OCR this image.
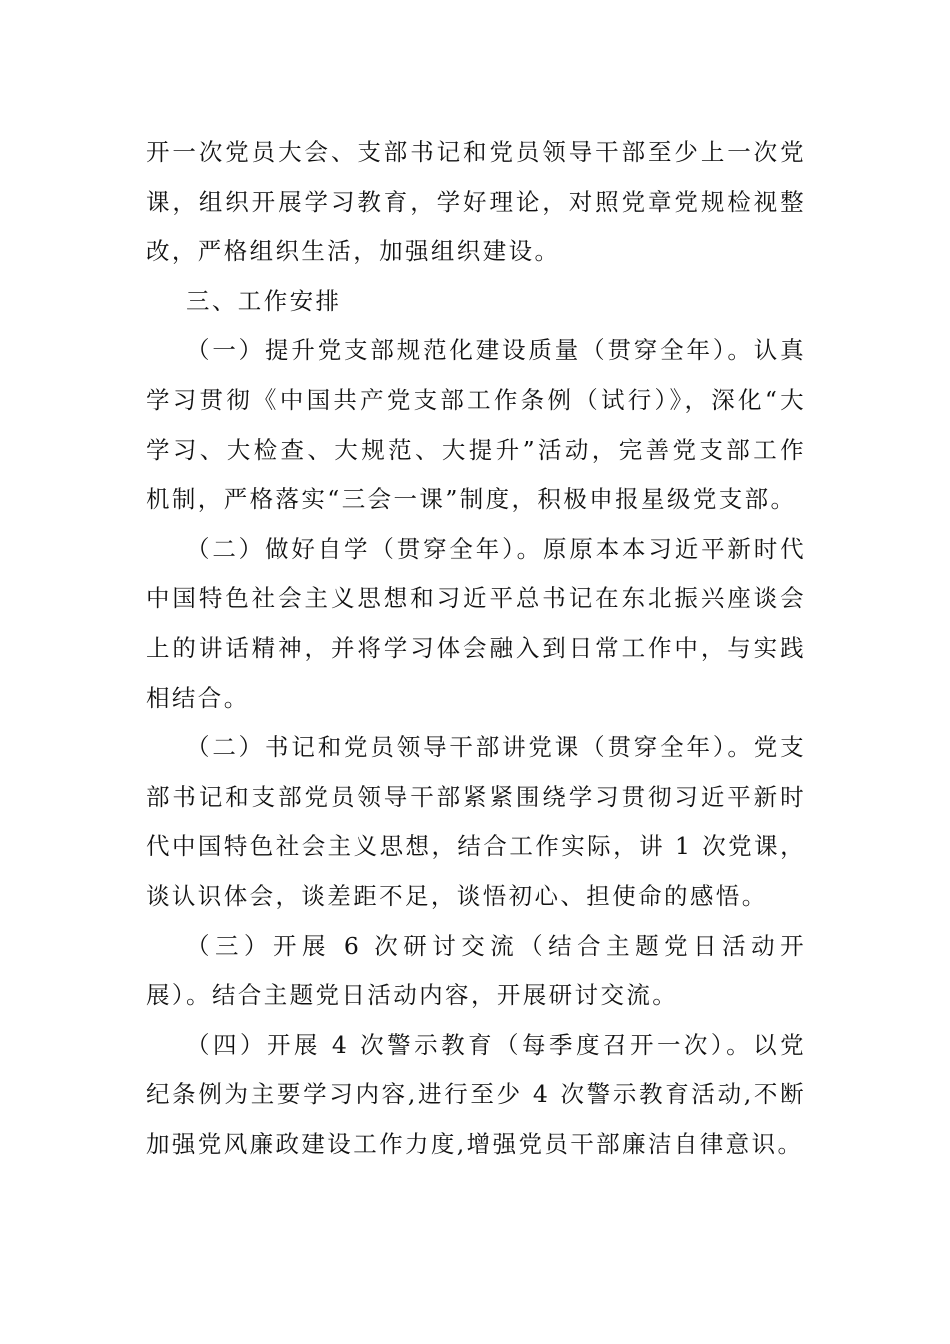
开一次党员大会、支部书记和党员领导干部至少上一次党课，组织开展学习教育，学好理论，对照党章党规检视整改，严格组织生活，加强组织建设。

三、工作安排

（一）提升党支部规范化建设质量（贯穿全年）。认真学习贯彻《中国共产党支部工作条例（试行）》，深化“大学习、大检查、大规范、大提升”活动，完善党支部工作机制，严格落实“三会一课”制度，积极申报星级党支部。

（二）做好自学（贯穿全年）。原原本本习近平新时代中国特色社会主义思想和习近平总书记在东北振兴座谈会上的讲话精神，并将学习体会融入到日常工作中，与实践相结合。

（二）书记和党员领导干部讲党课（贯穿全年）。党支部书记和支部党员领导干部紧紧围绕学习贯彻习近平新时代中国特色社会主义思想，结合工作实际，讲 1 次党课，谈认识体会，谈差距不足，谈悟初心、担使命的感悟。

（三）开展 6 次研讨交流（结合主题党日活动开展）。结合主题党日活动内容，开展研讨交流。

（四）开展 4 次警示教育（每季度召开一次）。以党纪条例为主要学习内容,进行至少 4 次警示教育活动,不断加强党风廉政建设工作力度,增强党员干部廉洁自律意识。
